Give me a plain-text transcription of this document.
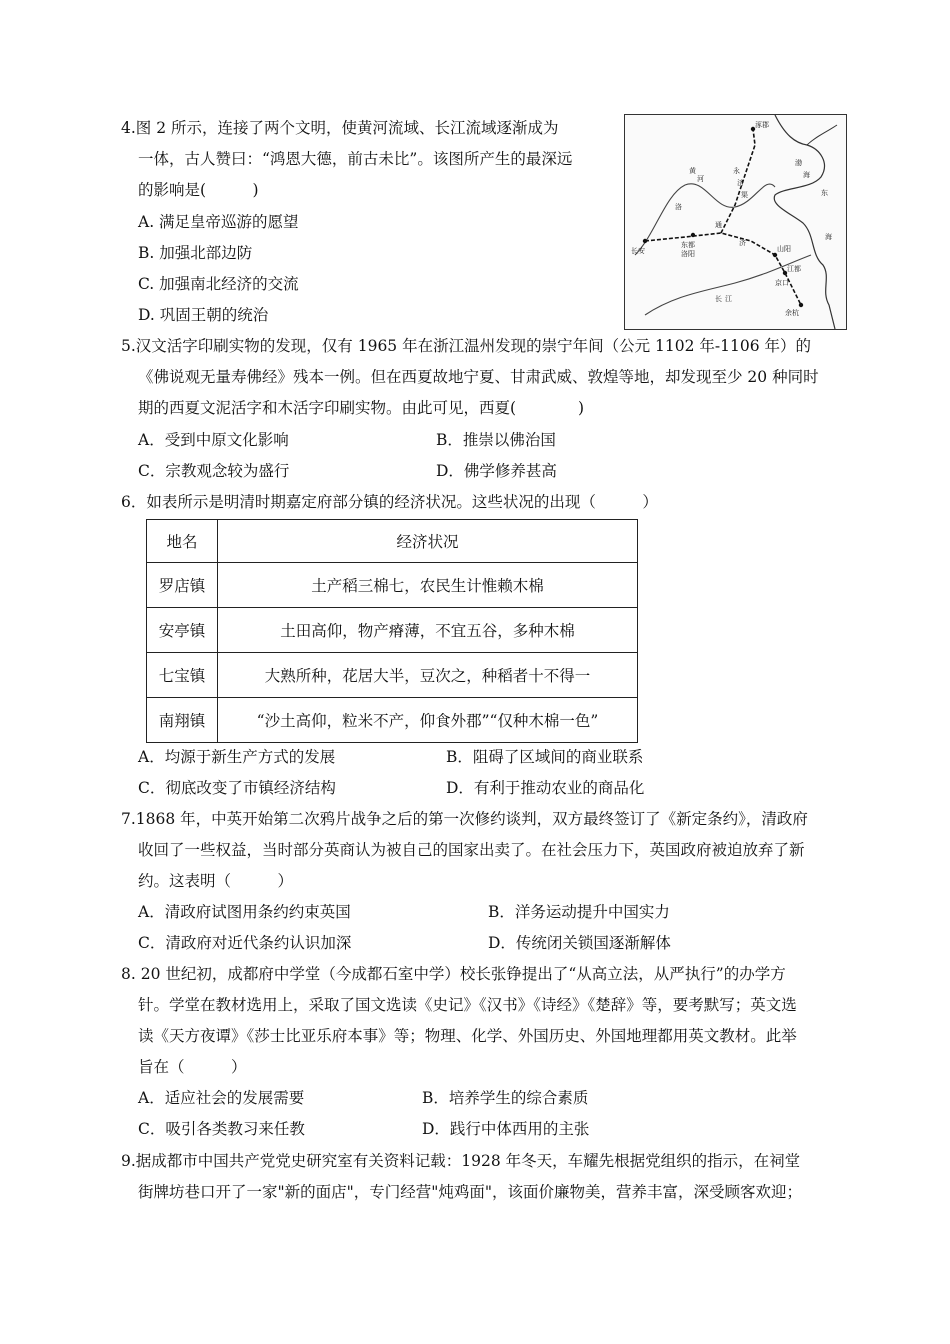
4.图 2 所示，连接了两个文明，使黄河流域、长江流域逐渐成为
一体，古人赞曰：“鸿恩大德，前古未比”。该图所产生的最深远
的影响是(　　　)
A. 满足皇帝巡游的愿望
B. 加强北部边防
C. 加强南北经济的交流
D. 巩固王朝的统治
涿郡
渤
海
永
济
渠
洛
通
济
长安
东都
洛阳
山阳
江都
东
海
京口
余杭
黄
河
长 江
5.汉文活字印刷实物的发现，仅有 1965 年在浙江温州发现的崇宁年间（公元 1102 年-1106 年）的
《佛说观无量寿佛经》残本一例。但在西夏故地宁夏、甘肃武威、敦煌等地，却发现至少 20 种同时
期的西夏文泥活字和木活字印刷实物。由此可见，西夏(　　　　)
A．受到中原文化影响	B．推崇以佛治国
C．宗教观念较为盛行	D．佛学修养甚高
6．如表所示是明清时期嘉定府部分镇的经济状况。这些状况的出现（　　　）
地名	经济状况
罗店镇	土产稻三棉七，农民生计惟赖木棉
安亭镇	土田高仰，物产瘠薄，不宜五谷，多种木棉
七宝镇	大熟所种，花居大半，豆次之，种稻者十不得一
南翔镇	“沙土高仰，粒米不产，仰食外郡”“仅种木棉一色”
A．均源于新生产方式的发展	B．阻碍了区域间的商业联系
C．彻底改变了市镇经济结构	D．有利于推动农业的商品化
7.1868 年，中英开始第二次鸦片战争之后的第一次修约谈判，双方最终签订了《新定条约》，清政府
收回了一些权益，当时部分英商认为被自己的国家出卖了。在社会压力下，英国政府被迫放弃了新
约。这表明（　　　）
A．清政府试图用条约约束英国	B．洋务运动提升中国实力
C．清政府对近代条约认识加深	D．传统闭关锁国逐渐解体
8. 20 世纪初，成都府中学堂（今成都石室中学）校长张铮提出了“从高立法，从严执行”的办学方
针。学堂在教材选用上，采取了国文选读《史记》《汉书》《诗经》《楚辞》等，要考默写；英文选
读《天方夜谭》《莎士比亚乐府本事》等；物理、化学、外国历史、外国地理都用英文教材。此举
旨在（　　　）
A．适应社会的发展需要	B．培养学生的综合素质
C．吸引各类教习来任教	D．践行中体西用的主张
9.据成都市中国共产党党史研究室有关资料记载：1928 年冬天，车耀先根据党组织的指示，在祠堂
街牌坊巷口开了一家"新的面店"，专门经营"炖鸡面"，该面价廉物美，营养丰富，深受顾客欢迎；
